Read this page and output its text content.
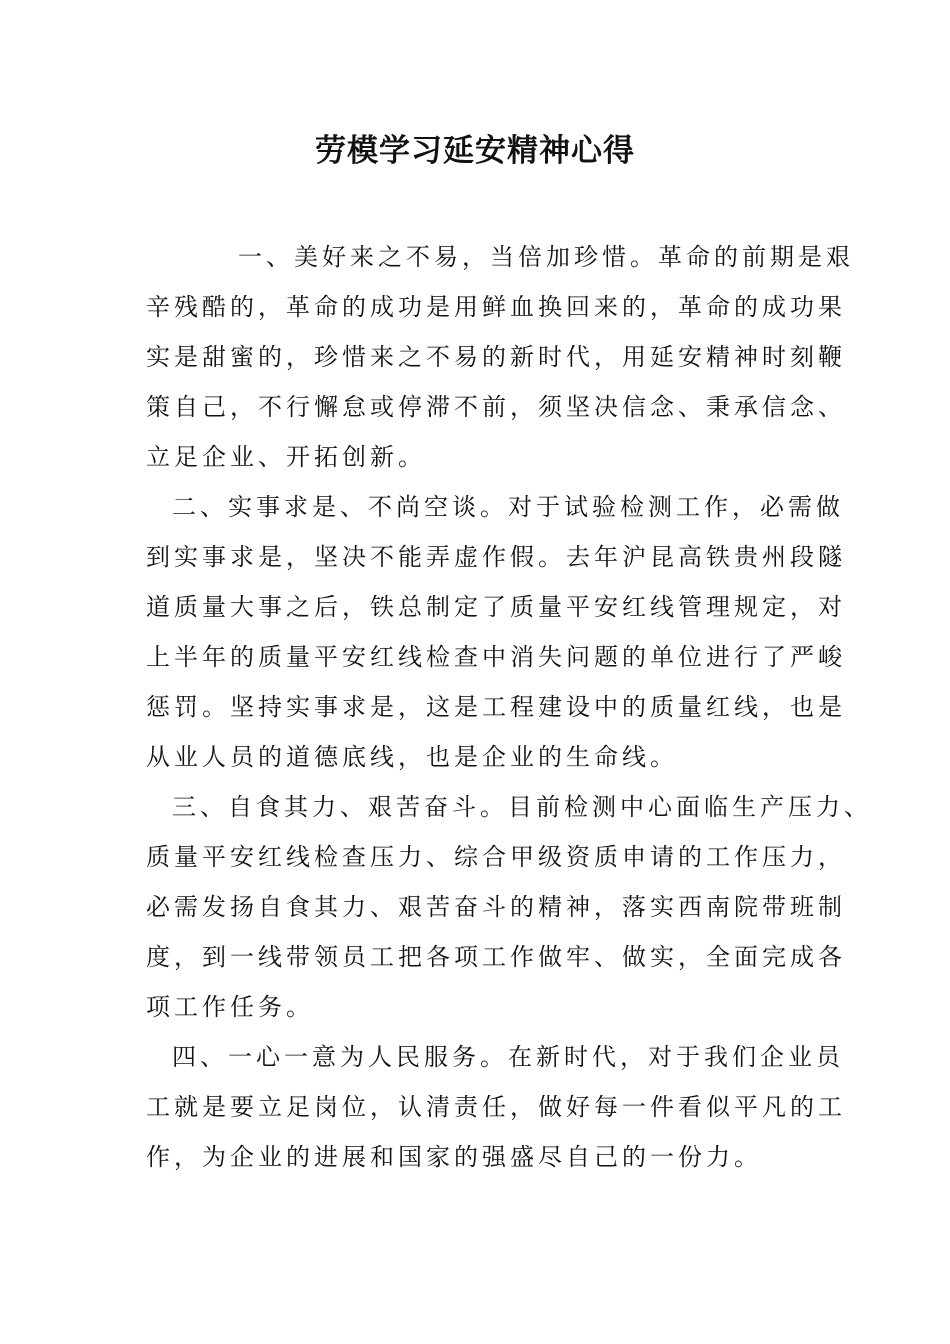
劳模学习延安精神心得
一、美好来之不易，当倍加珍惜。革命的前期是艰
辛残酷的，革命的成功是用鲜血换回来的，革命的成功果
实是甜蜜的，珍惜来之不易的新时代，用延安精神时刻鞭
策自己，不行懈怠或停滞不前，须坚决信念、秉承信念、
立足企业、开拓创新。
二、实事求是、不尚空谈。对于试验检测工作，必需做
到实事求是，坚决不能弄虚作假。去年沪昆高铁贵州段隧
道质量大事之后，铁总制定了质量平安红线管理规定，对
上半年的质量平安红线检查中消失问题的单位进行了严峻
惩罚。坚持实事求是，这是工程建设中的质量红线，也是
从业人员的道德底线，也是企业的生命线。
三、自食其力、艰苦奋斗。目前检测中心面临生产压力、
质量平安红线检查压力、综合甲级资质申请的工作压力，
必需发扬自食其力、艰苦奋斗的精神，落实西南院带班制
度，到一线带领员工把各项工作做牢、做实，全面完成各
项工作任务。
四、一心一意为人民服务。在新时代，对于我们企业员
工就是要立足岗位，认清责任，做好每一件看似平凡的工
作，为企业的进展和国家的强盛尽自己的一份力。
